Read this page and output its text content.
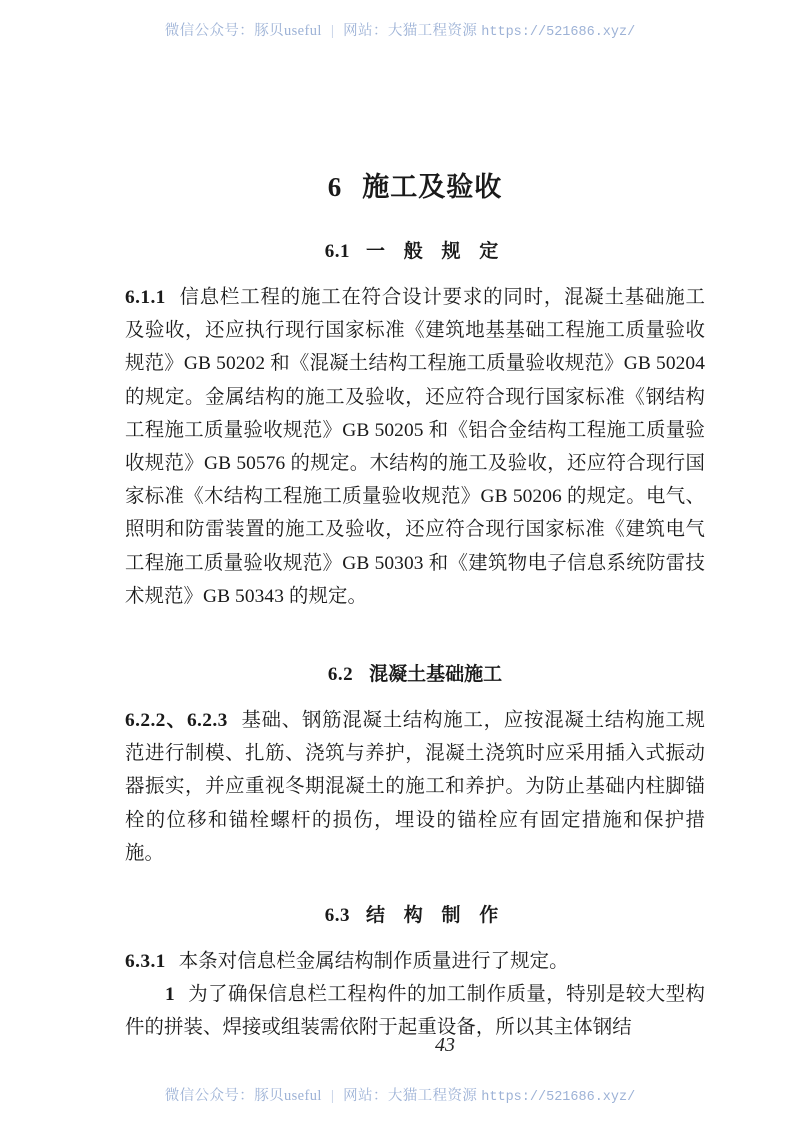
微信公众号：豚贝useful | 网站：大猫工程资源 https://521686.xyz/
6 施工及验收
6.1 一 般 规 定

6.1.1 信息栏工程的施工在符合设计要求的同时，混凝土基础施工及验收，还应执行现行国家标准《建筑地基基础工程施工质量验收规范》GB 50202 和《混凝土结构工程施工质量验收规范》GB 50204 的规定。金属结构的施工及验收，还应符合现行国家标准《钢结构工程施工质量验收规范》GB 50205 和《铝合金结构工程施工质量验收规范》GB 50576 的规定。木结构的施工及验收，还应符合现行国家标准《木结构工程施工质量验收规范》GB 50206 的规定。电气、照明和防雷装置的施工及验收，还应符合现行国家标准《建筑电气工程施工质量验收规范》GB 50303 和《建筑物电子信息系统防雷技术规范》GB 50343 的规定。

6.2 混凝土基础施工

6.2.2、6.2.3 基础、钢筋混凝土结构施工，应按混凝土结构施工规范进行制模、扎筋、浇筑与养护，混凝土浇筑时应采用插入式振动器振实，并应重视冬期混凝土的施工和养护。为防止基础内柱脚锚栓的位移和锚栓螺杆的损伤，埋设的锚栓应有固定措施和保护措施。

6.3 结 构 制 作

6.3.1 本条对信息栏金属结构制作质量进行了规定。

1 为了确保信息栏工程构件的加工制作质量，特别是较大型构件的拼装、焊接或组装需依附于起重设备，所以其主体钢结

43
微信公众号：豚贝useful | 网站：大猫工程资源 https://521686.xyz/
